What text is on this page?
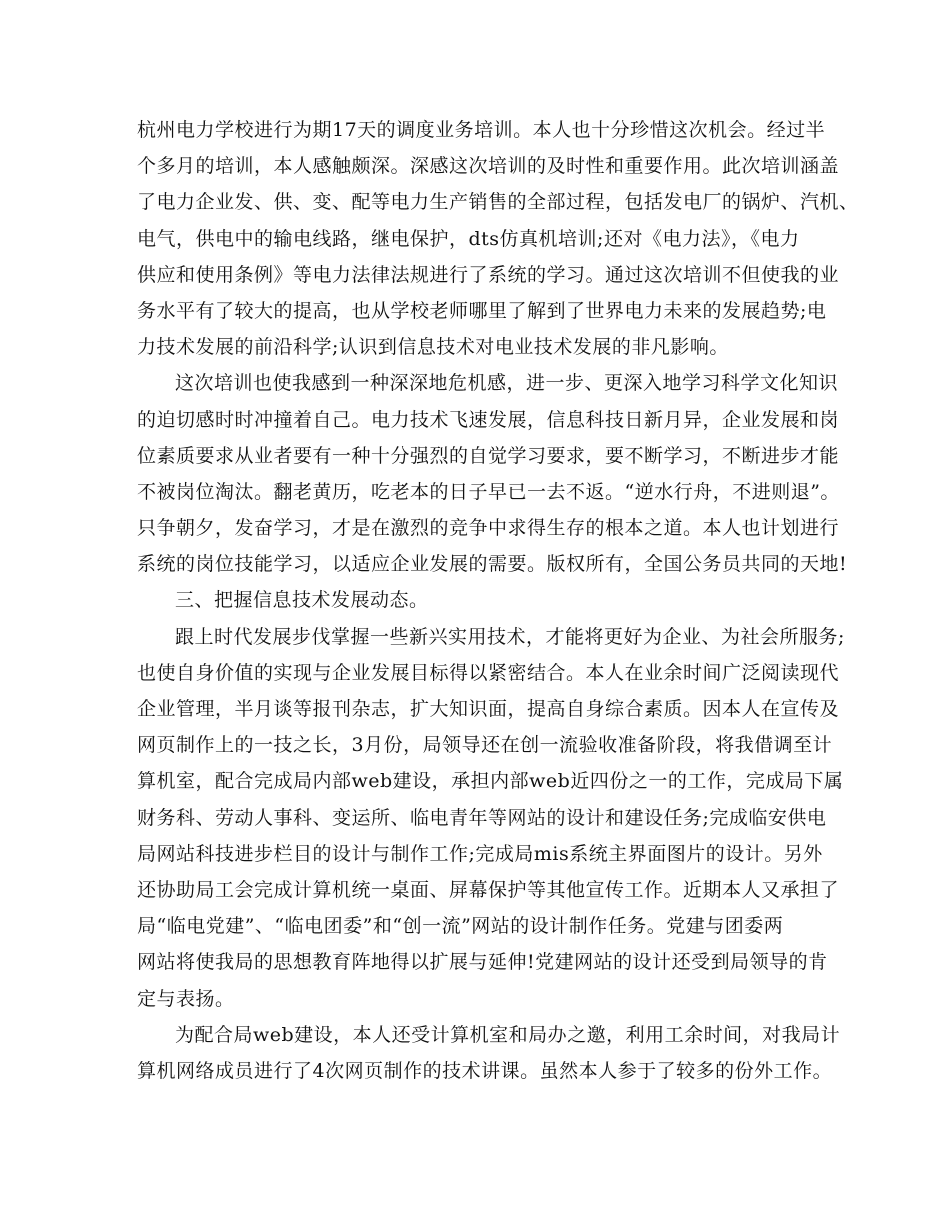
杭州电力学校进行为期17天的调度业务培训。本人也十分珍惜这次机会。经过半
个多月的培训，本人感触颇深。深感这次培训的及时性和重要作用。此次培训涵盖
了电力企业发、供、变、配等电力生产销售的全部过程，包括发电厂的锅炉、汽机、
电气，供电中的输电线路，继电保护，dts仿真机培训;还对《电力法》，《电力
供应和使用条例》等电力法律法规进行了系统的学习。通过这次培训不但使我的业
务水平有了较大的提高，也从学校老师哪里了解到了世界电力未来的发展趋势;电
力技术发展的前沿科学;认识到信息技术对电业技术发展的非凡影响。
这次培训也使我感到一种深深地危机感，进一步、更深入地学习科学文化知识
的迫切感时时冲撞着自己。电力技术飞速发展，信息科技日新月异，企业发展和岗
位素质要求从业者要有一种十分强烈的自觉学习要求，要不断学习，不断进步才能
不被岗位淘汰。翻老黄历，吃老本的日子早已一去不返。“逆水行舟，不进则退”。
只争朝夕，发奋学习，才是在激烈的竞争中求得生存的根本之道。本人也计划进行
系统的岗位技能学习，以适应企业发展的需要。版权所有，全国公务员共同的天地!
三、把握信息技术发展动态。
跟上时代发展步伐掌握一些新兴实用技术，才能将更好为企业、为社会所服务;
也使自身价值的实现与企业发展目标得以紧密结合。本人在业余时间广泛阅读现代
企业管理，半月谈等报刊杂志，扩大知识面，提高自身综合素质。因本人在宣传及
网页制作上的一技之长，3月份，局领导还在创一流验收准备阶段，将我借调至计
算机室，配合完成局内部web建设，承担内部web近四份之一的工作，完成局下属
财务科、劳动人事科、变运所、临电青年等网站的设计和建设任务;完成临安供电
局网站科技进步栏目的设计与制作工作;完成局mis系统主界面图片的设计。另外
还协助局工会完成计算机统一桌面、屏幕保护等其他宣传工作。近期本人又承担了
局“临电党建”、“临电团委”和“创一流”网站的设计制作任务。党建与团委两
网站将使我局的思想教育阵地得以扩展与延伸!党建网站的设计还受到局领导的肯
定与表扬。
为配合局web建设，本人还受计算机室和局办之邀，利用工余时间，对我局计
算机网络成员进行了4次网页制作的技术讲课。虽然本人参于了较多的份外工作。
